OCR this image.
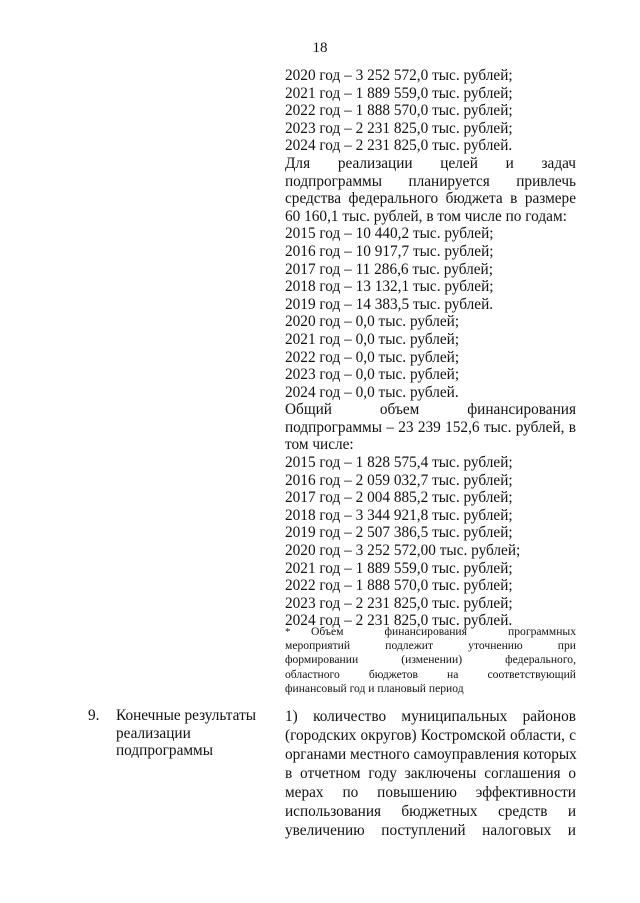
18
2020 год – 3 252 572,0 тыс. рублей;
2021 год – 1 889 559,0 тыс. рублей;
2022 год – 1 888 570,0 тыс. рублей;
2023 год – 2 231 825,0 тыс. рублей;
2024 год – 2 231 825,0 тыс. рублей.
Для реализации целей и задач
подпрограммы планируется привлечь
средства федерального бюджета в размере
60 160,1 тыс. рублей, в том числе по годам:
2015 год – 10 440,2 тыс. рублей;
2016 год – 10 917,7 тыс. рублей;
2017 год – 11 286,6 тыс. рублей;
2018 год – 13 132,1 тыс. рублей;
2019 год – 14 383,5 тыс. рублей.
2020 год – 0,0 тыс. рублей;
2021 год – 0,0 тыс. рублей;
2022 год – 0,0 тыс. рублей;
2023 год – 0,0 тыс. рублей;
2024 год – 0,0 тыс. рублей.
Общий объем финансирования
подпрограммы – 23 239 152,6 тыс. рублей, в
том числе:
2015 год – 1 828 575,4 тыс. рублей;
2016 год – 2 059 032,7 тыс. рублей;
2017 год – 2 004 885,2 тыс. рублей;
2018 год – 3 344 921,8 тыс. рублей;
2019 год – 2 507 386,5 тыс. рублей;
2020 год – 3 252 572,00 тыс. рублей;
2021 год – 1 889 559,0 тыс. рублей;
2022 год – 1 888 570,0 тыс. рублей;
2023 год – 2 231 825,0 тыс. рублей;
2024 год – 2 231 825,0 тыс. рублей.
* Объем финансирования программных
мероприятий подлежит уточнению при
формировании (изменении) федерального,
областного бюджетов на соответствующий
финансовый год и плановый период
9. Конечные результаты
реализации
подпрограммы
1) количество муниципальных районов
(городских округов) Костромской области, с
органами местного самоуправления которых
в отчетном году заключены соглашения о
мерах по повышению эффективности
использования бюджетных средств и
увеличению поступлений налоговых и
